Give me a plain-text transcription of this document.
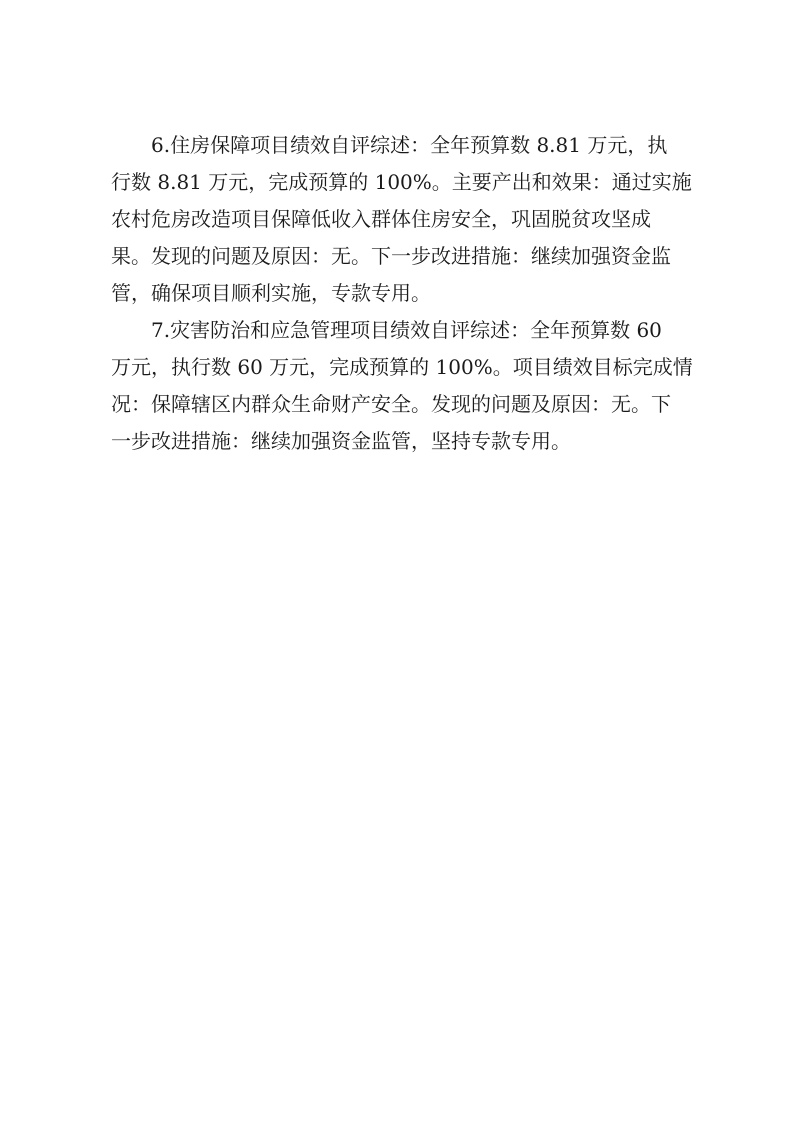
6.住房保障项目绩效自评综述：全年预算数 8.81 万元，执
行数 8.81 万元，完成预算的 100%。主要产出和效果：通过实施
农村危房改造项目保障低收入群体住房安全，巩固脱贫攻坚成
果。发现的问题及原因：无。下一步改进措施：继续加强资金监
管，确保项目顺利实施，专款专用。
7.灾害防治和应急管理项目绩效自评综述：全年预算数 60
万元，执行数 60 万元，完成预算的 100%。项目绩效目标完成情
况：保障辖区内群众生命财产安全。发现的问题及原因：无。下
一步改进措施：继续加强资金监管，坚持专款专用。
